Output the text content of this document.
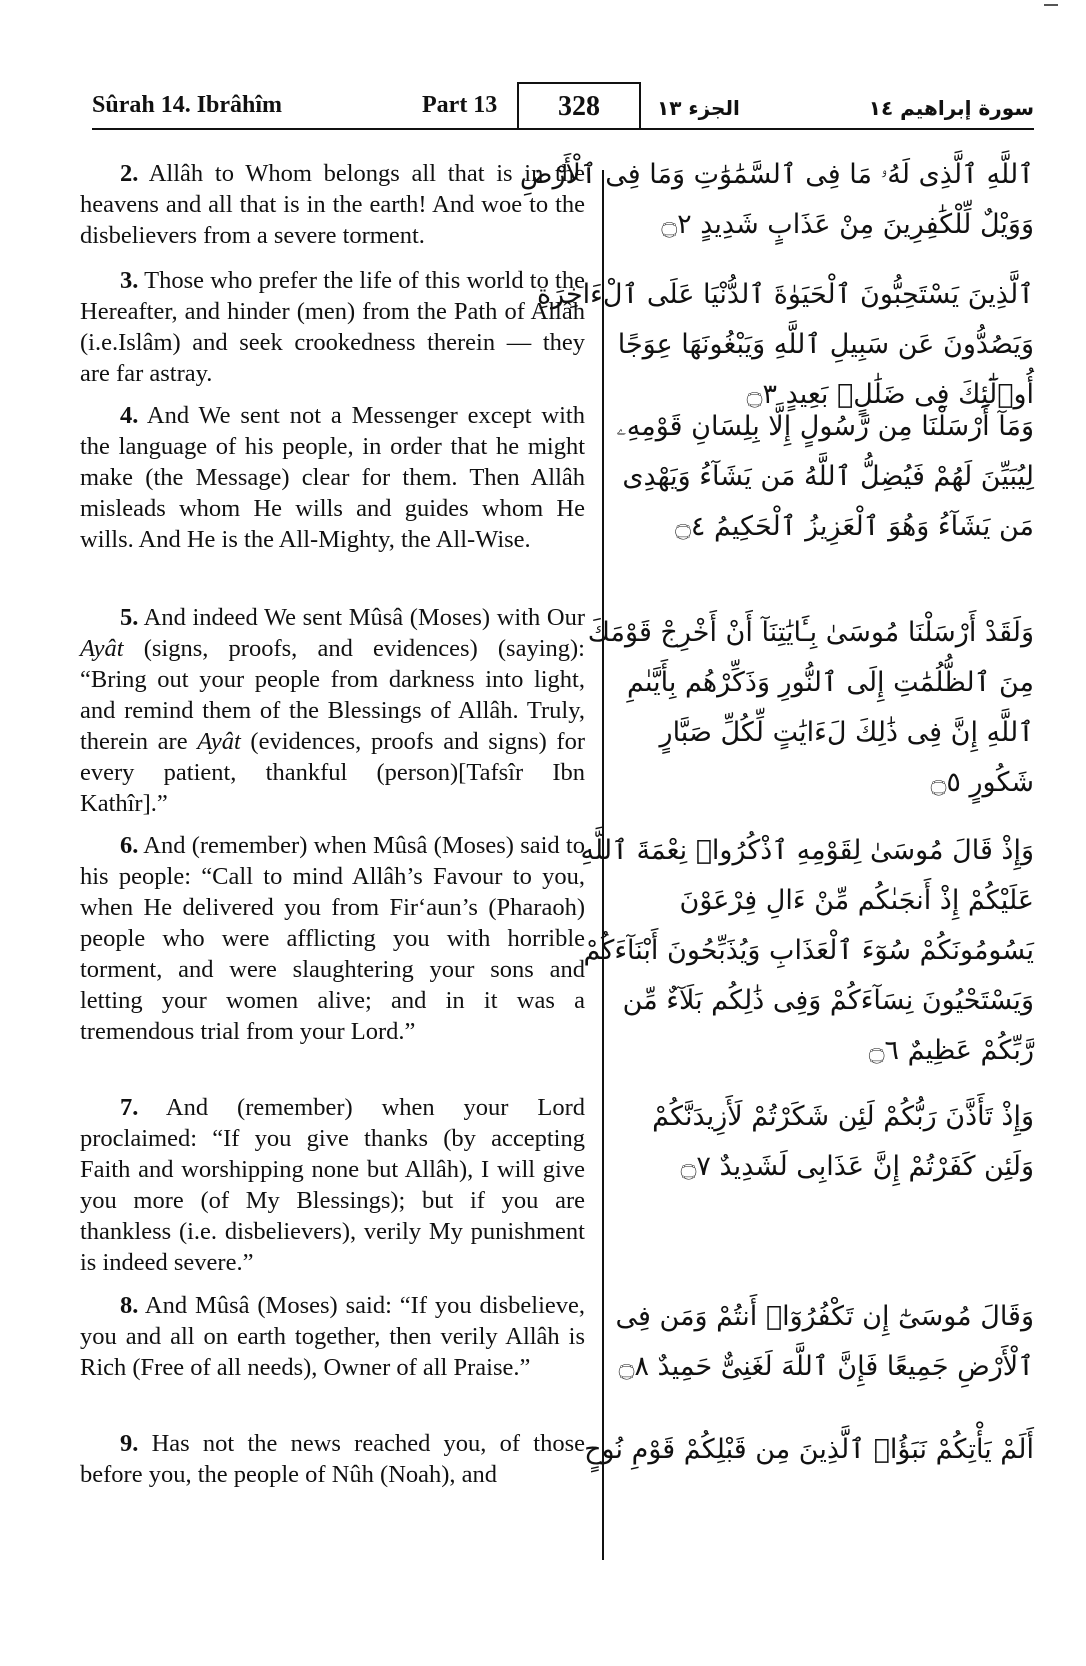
Sûrah 14. Ibrâhîm	Part 13	328	الجزء ١٣	سورة إبراهيم ١٤
2. Allâh to Whom belongs all that is in the heavens and all that is in the earth! And woe to the disbelievers from a severe torment.
ٱللَّهِ ٱلَّذِى لَهُۥ مَا فِى ٱلسَّمَٰوَٰتِ وَمَا فِى ٱلْأَرْضِ
وَوَيْلٌ لِّلْكَٰفِرِينَ مِنْ عَذَابٍ شَدِيدٍ ۝٢
3. Those who prefer the life of this world to the Hereafter, and hinder (men) from the Path of Allâh (i.e.Islâm) and seek crookedness therein — they are far astray.
ٱلَّذِينَ يَسْتَحِبُّونَ ٱلْحَيَوٰةَ ٱلدُّنْيَا عَلَى ٱلْءَاخِرَةِ
وَيَصُدُّونَ عَن سَبِيلِ ٱللَّهِ وَيَبْغُونَهَا عِوَجًا
أُو۟لَٰٓئِكَ فِى ضَلَٰلٍۭ بَعِيدٍ ۝٣
4. And We sent not a Messenger except with the language of his people, in order that he might make (the Message) clear for them. Then Allâh misleads whom He wills and guides whom He wills. And He is the All-Mighty, the All-Wise.
وَمَآ أَرْسَلْنَا مِن رَّسُولٍ إِلَّا بِلِسَانِ قَوْمِهِۦ
لِيُبَيِّنَ لَهُمْ فَيُضِلُّ ٱللَّهُ مَن يَشَآءُ وَيَهْدِى
مَن يَشَآءُ وَهُوَ ٱلْعَزِيزُ ٱلْحَكِيمُ ۝٤
5. And indeed We sent Mûsâ (Moses) with Our Ayât (signs, proofs, and evidences) (saying): “Bring out your people from darkness into light, and remind them of the Blessings of Allâh. Truly, therein are Ayât (evidences, proofs and signs) for every patient, thankful (person)[Tafsîr Ibn Kathîr].”
وَلَقَدْ أَرْسَلْنَا مُوسَىٰ بِـَٔايَٰتِنَآ أَنْ أَخْرِجْ قَوْمَكَ
مِنَ ٱلظُّلُمَٰتِ إِلَى ٱلنُّورِ وَذَكِّرْهُم بِأَيَّىٰمِ
ٱللَّهِ إِنَّ فِى ذَٰلِكَ لَءَايَٰتٍ لِّكُلِّ صَبَّارٍ
شَكُورٍ ۝٥
6. And (remember) when Mûsâ (Moses) said to his people: “Call to mind Allâh’s Favour to you, when He delivered you from Fir‘aun’s (Pharaoh) people who were afflicting you with horrible torment, and were slaughtering your sons and letting your women alive; and in it was a tremendous trial from your Lord.”
وَإِذْ قَالَ مُوسَىٰ لِقَوْمِهِ ٱذْكُرُوا۟ نِعْمَةَ ٱللَّهِ
عَلَيْكُمْ إِذْ أَنجَىٰكُم مِّنْ ءَالِ فِرْعَوْنَ
يَسُومُونَكُمْ سُوٓءَ ٱلْعَذَابِ وَيُذَبِّحُونَ أَبْنَآءَكُمْ
وَيَسْتَحْيُونَ نِسَآءَكُمْ وَفِى ذَٰلِكُم بَلَآءٌ مِّن
رَّبِّكُمْ عَظِيمٌ ۝٦
7. And (remember) when your Lord proclaimed: “If you give thanks (by accepting Faith and worshipping none but Allâh), I will give you more (of My Blessings); but if you are thankless (i.e. disbelievers), verily My punishment is indeed severe.”
وَإِذْ تَأَذَّنَ رَبُّكُمْ لَئِن شَكَرْتُمْ لَأَزِيدَنَّكُمْ
وَلَئِن كَفَرْتُمْ إِنَّ عَذَابِى لَشَدِيدٌ ۝٧
8. And Mûsâ (Moses) said: “If you disbelieve, you and all on earth together, then verily Allâh is Rich (Free of all needs), Owner of all Praise.”
وَقَالَ مُوسَىٰٓ إِن تَكْفُرُوٓا۟ أَنتُمْ وَمَن فِى
ٱلْأَرْضِ جَمِيعًا فَإِنَّ ٱللَّهَ لَغَنِىٌّ حَمِيدٌ ۝٨
9. Has not the news reached you, of those before you, the people of Nûh (Noah), and
أَلَمْ يَأْتِكُمْ نَبَؤُا۟ ٱلَّذِينَ مِن قَبْلِكُمْ قَوْمِ نُوحٍ
